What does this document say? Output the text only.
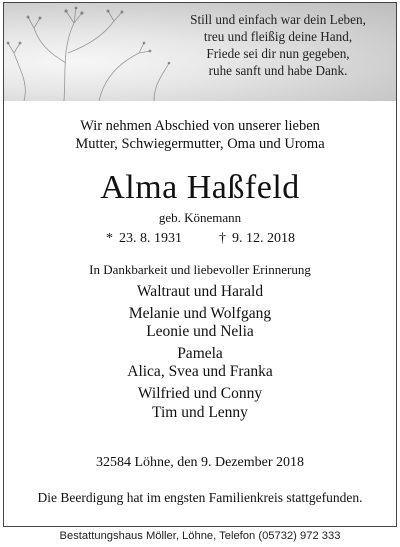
Still und einfach war dein Leben,
treu und fleißig deine Hand,
Friede sei dir nun gegeben,
ruhe sanft und habe Dank.
Wir nehmen Abschied von unserer lieben
Mutter, Schwiegermutter, Oma und Uroma
Alma Haßfeld
geb. Könemann
* 23. 8. 1931	† 9. 12. 2018
In Dankbarkeit und liebevoller Erinnerung
Waltraut und Harald
Melanie und Wolfgang
Leonie und Nelia
Pamela
Alica, Svea und Franka
Wilfried und Conny
Tim und Lenny
32584 Löhne, den 9. Dezember 2018
Die Beerdigung hat im engsten Familienkreis stattgefunden.
Bestattungshaus Möller, Löhne, Telefon (05732) 972 333
